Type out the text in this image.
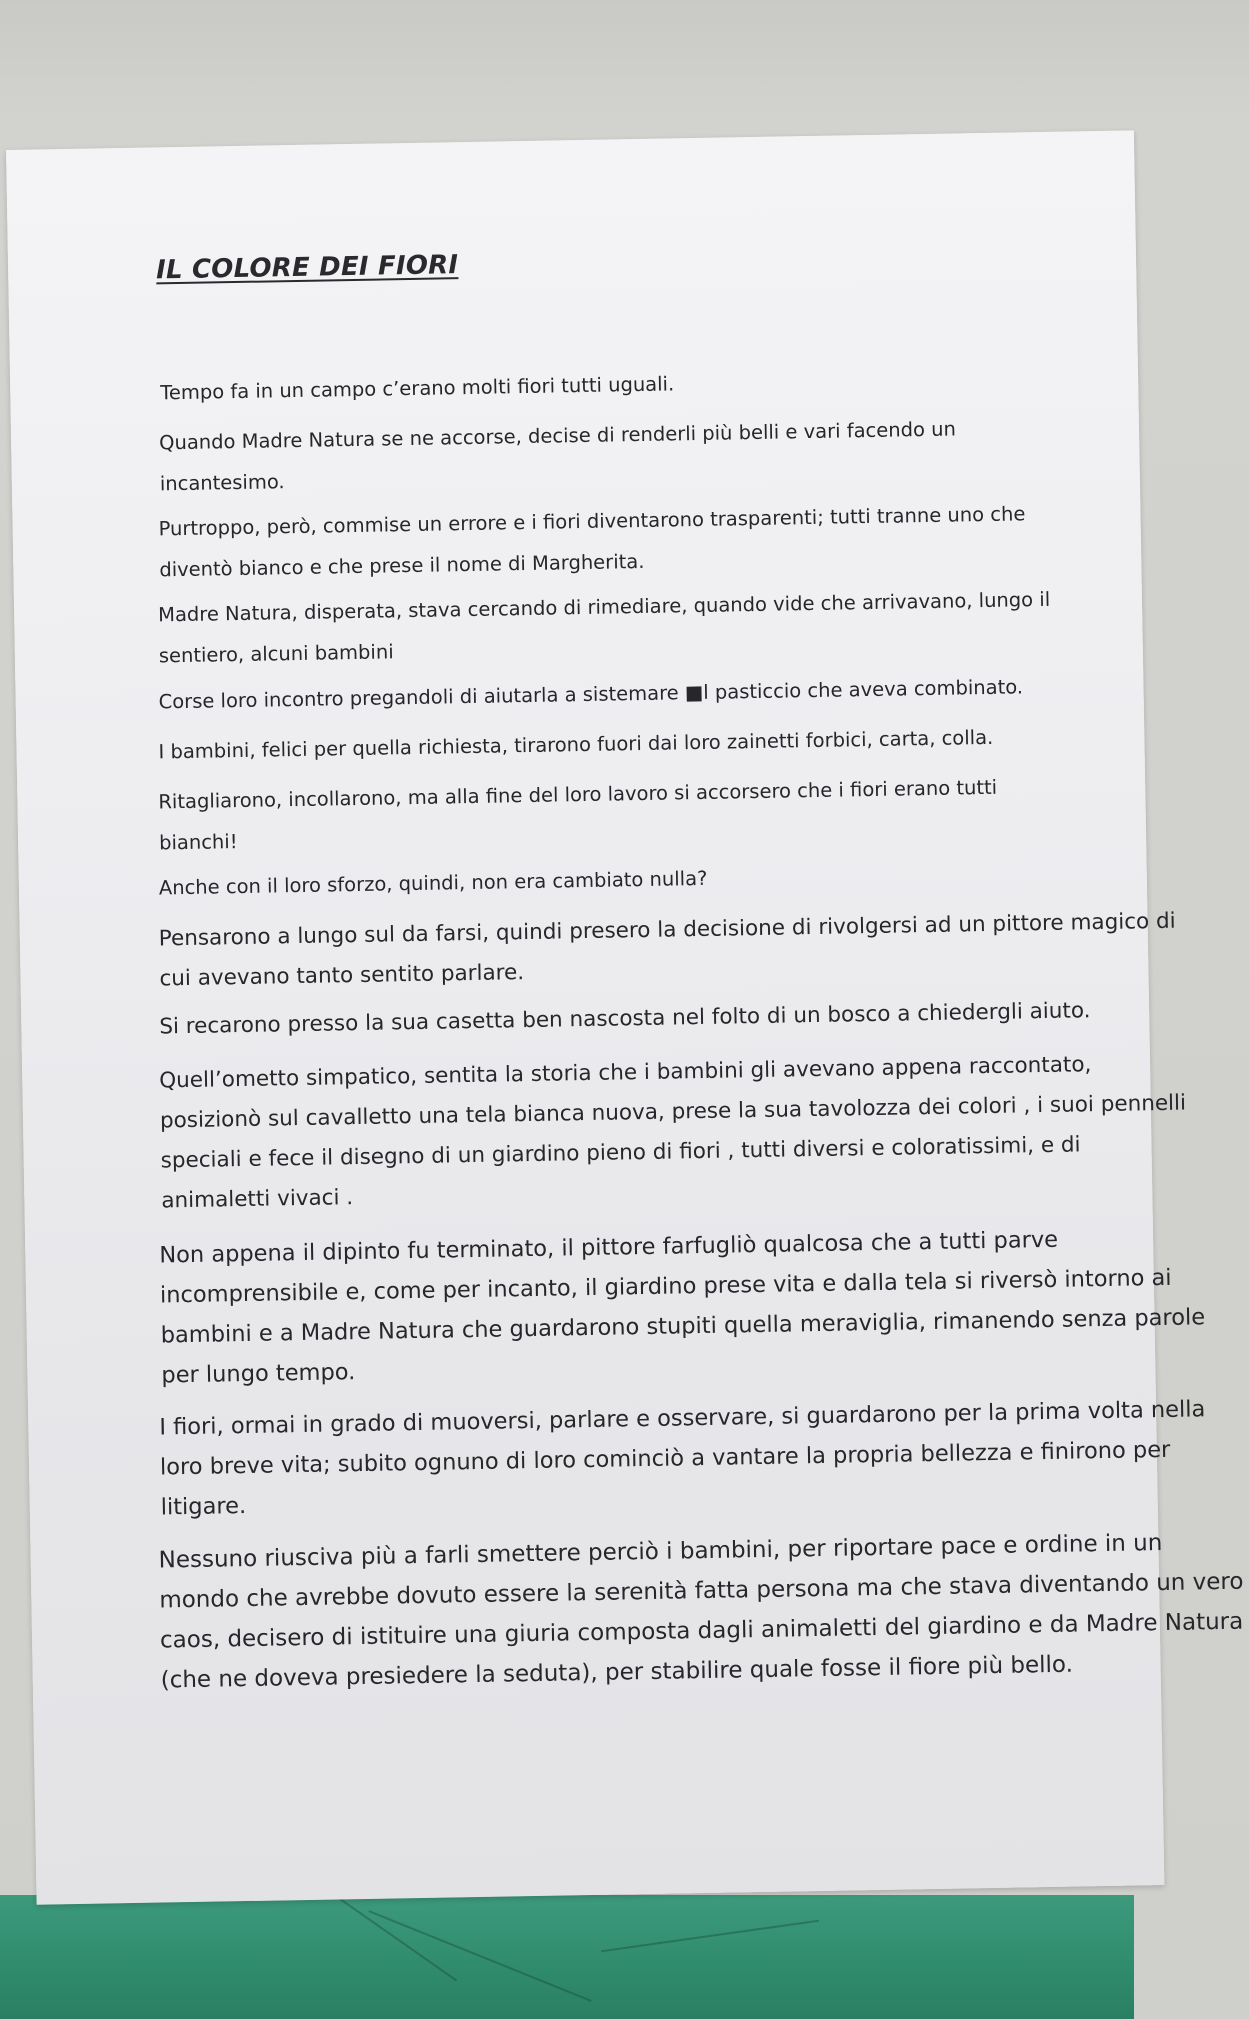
IL COLORE DEI FIORI
Tempo fa in un campo c’erano molti fiori tutti uguali.
Quando Madre Natura se ne accorse, decise di renderli più belli e vari facendo un
incantesimo.
Purtroppo, però, commise un errore e i fiori diventarono trasparenti; tutti tranne uno che
diventò bianco e che prese il nome di Margherita.
Madre Natura, disperata, stava cercando di rimediare, quando vide che arrivavano, lungo il
sentiero, alcuni bambini
Corse loro incontro pregandoli di aiutarla a sistemare ■l pasticcio che aveva combinato.
I bambini, felici per quella richiesta, tirarono fuori dai loro zainetti forbici, carta, colla.
Ritagliarono, incollarono, ma alla fine del loro lavoro si accorsero che i fiori erano tutti
bianchi!
Anche con il loro sforzo, quindi, non era cambiato nulla?
Pensarono a lungo sul da farsi, quindi presero la decisione di rivolgersi ad un pittore magico di
cui avevano tanto sentito parlare.
Si recarono presso la sua casetta ben nascosta nel folto di un bosco a chiedergli aiuto.
Quell’ometto simpatico, sentita la storia che i bambini gli avevano appena raccontato,
posizionò sul cavalletto una tela bianca nuova, prese la sua tavolozza dei colori , i suoi pennelli
speciali e fece il disegno di un giardino pieno di fiori , tutti diversi e coloratissimi, e di
animaletti vivaci .
Non appena il dipinto fu terminato, il pittore farfugliò qualcosa che a tutti parve
incomprensibile e, come per incanto, il giardino prese vita e dalla tela si riversò intorno ai
bambini e a Madre Natura che guardarono stupiti quella meraviglia, rimanendo senza parole
per lungo tempo.
I fiori, ormai in grado di muoversi, parlare e osservare, si guardarono per la prima volta nella
loro breve vita; subito ognuno di loro cominciò a vantare la propria bellezza e finirono per
litigare.
Nessuno riusciva più a farli smettere perciò i bambini, per riportare pace e ordine in un
mondo che avrebbe dovuto essere la serenità fatta persona ma che stava diventando un vero
caos, decisero di istituire una giuria composta dagli animaletti del giardino e da Madre Natura
(che ne doveva presiedere la seduta), per stabilire quale fosse il fiore più bello.
